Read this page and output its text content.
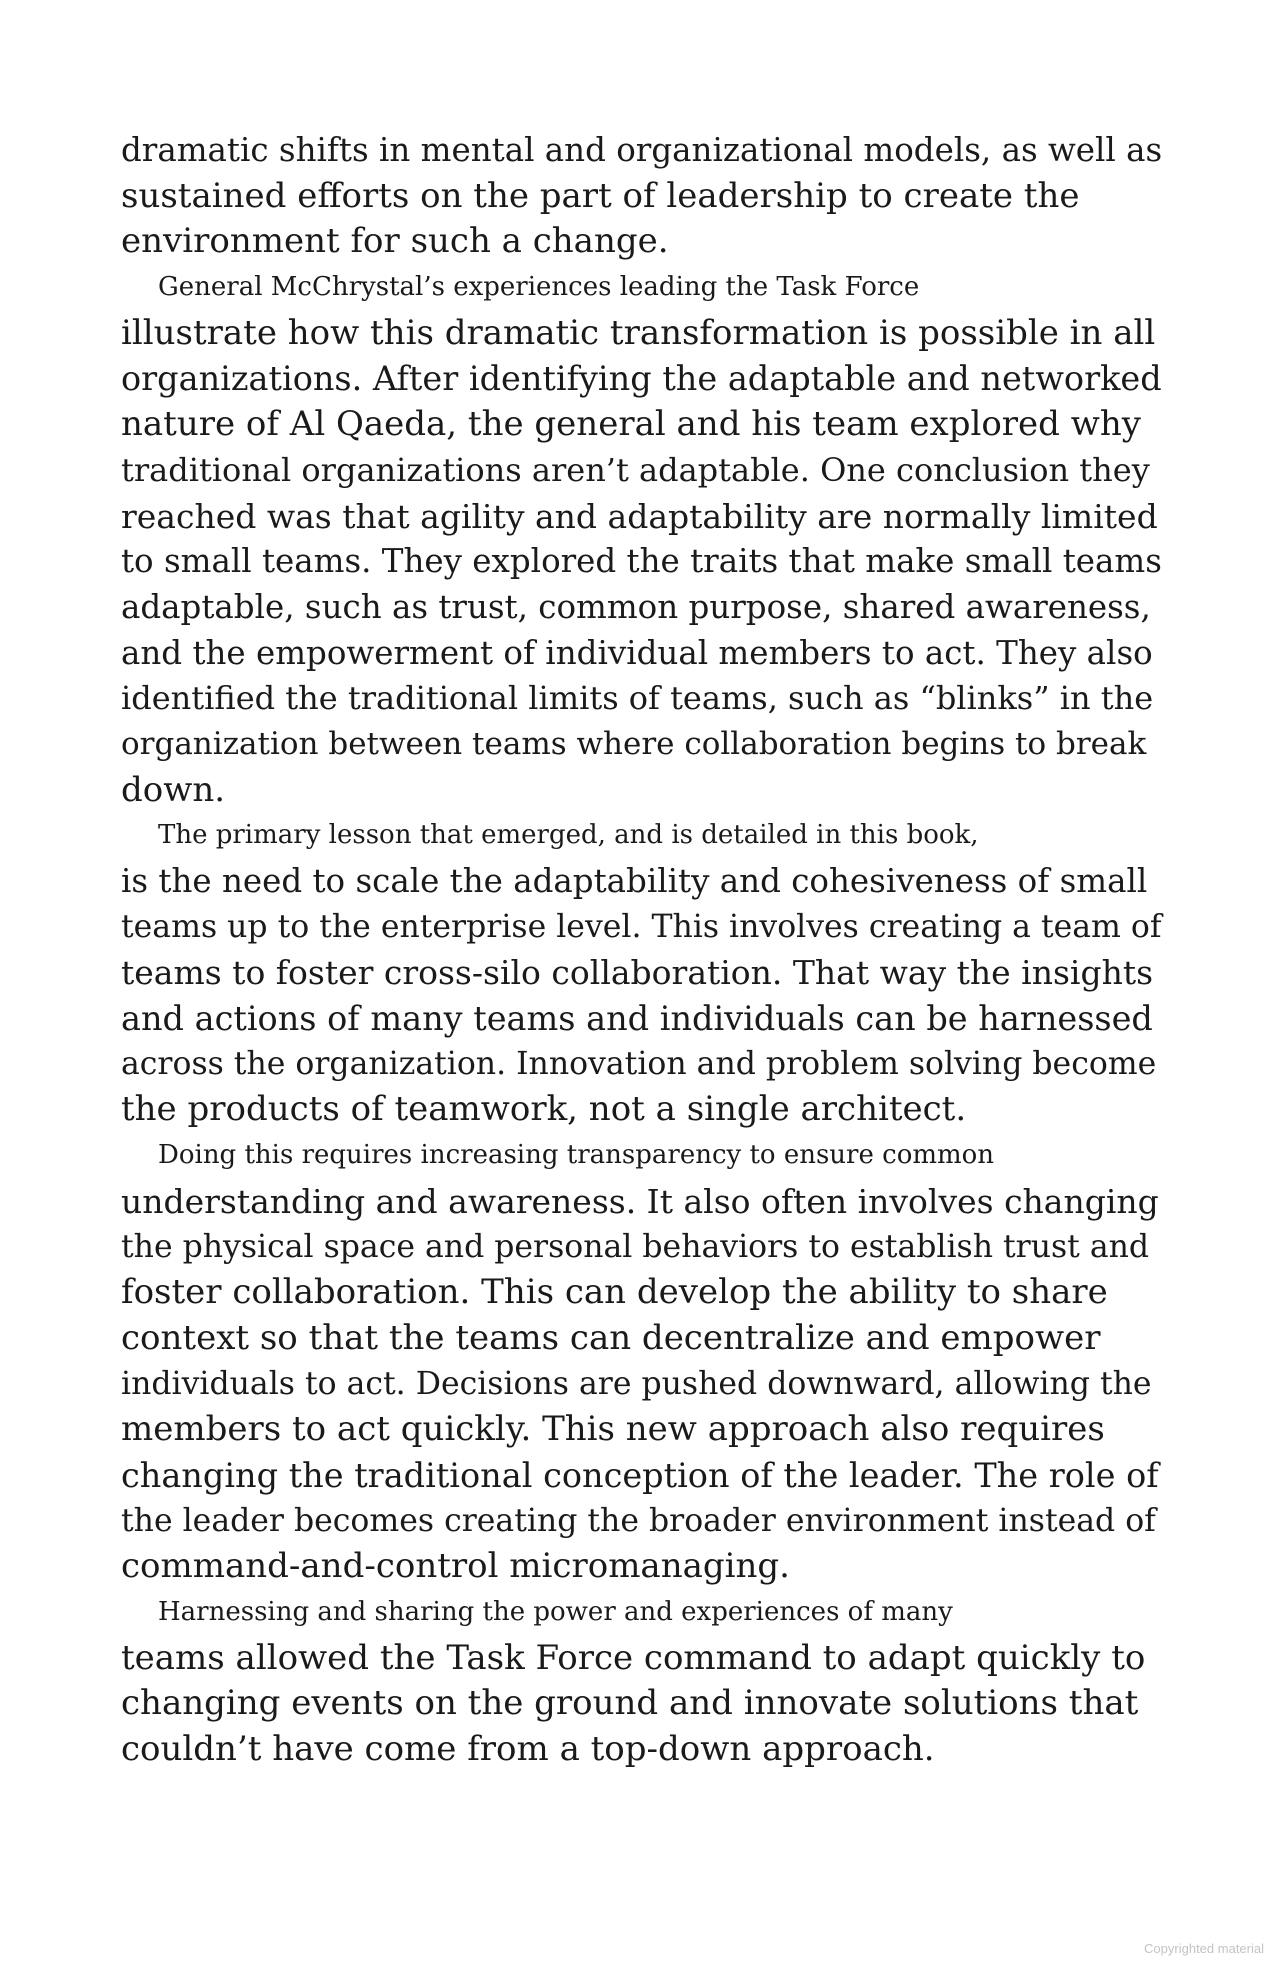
dramatic shifts in mental and organizational models, as well as
sustained efforts on the part of leadership to create the
environment for such a change.
General McChrystal’s experiences leading the Task Force
illustrate how this dramatic transformation is possible in all
organizations. After identifying the adaptable and networked
nature of Al Qaeda, the general and his team explored why
traditional organizations aren’t adaptable. One conclusion they
reached was that agility and adaptability are normally limited
to small teams. They explored the traits that make small teams
adaptable, such as trust, common purpose, shared awareness,
and the empowerment of individual members to act. They also
identified the traditional limits of teams, such as “blinks” in the
organization between teams where collaboration begins to break
down.
The primary lesson that emerged, and is detailed in this book,
is the need to scale the adaptability and cohesiveness of small
teams up to the enterprise level. This involves creating a team of
teams to foster cross-silo collaboration. That way the insights
and actions of many teams and individuals can be harnessed
across the organization. Innovation and problem solving become
the products of teamwork, not a single architect.
Doing this requires increasing transparency to ensure common
understanding and awareness. It also often involves changing
the physical space and personal behaviors to establish trust and
foster collaboration. This can develop the ability to share
context so that the teams can decentralize and empower
individuals to act. Decisions are pushed downward, allowing the
members to act quickly. This new approach also requires
changing the traditional conception of the leader. The role of
the leader becomes creating the broader environment instead of
command-and-control micromanaging.
Harnessing and sharing the power and experiences of many
teams allowed the Task Force command to adapt quickly to
changing events on the ground and innovate solutions that
couldn’t have come from a top-down approach.
Copyrighted material
